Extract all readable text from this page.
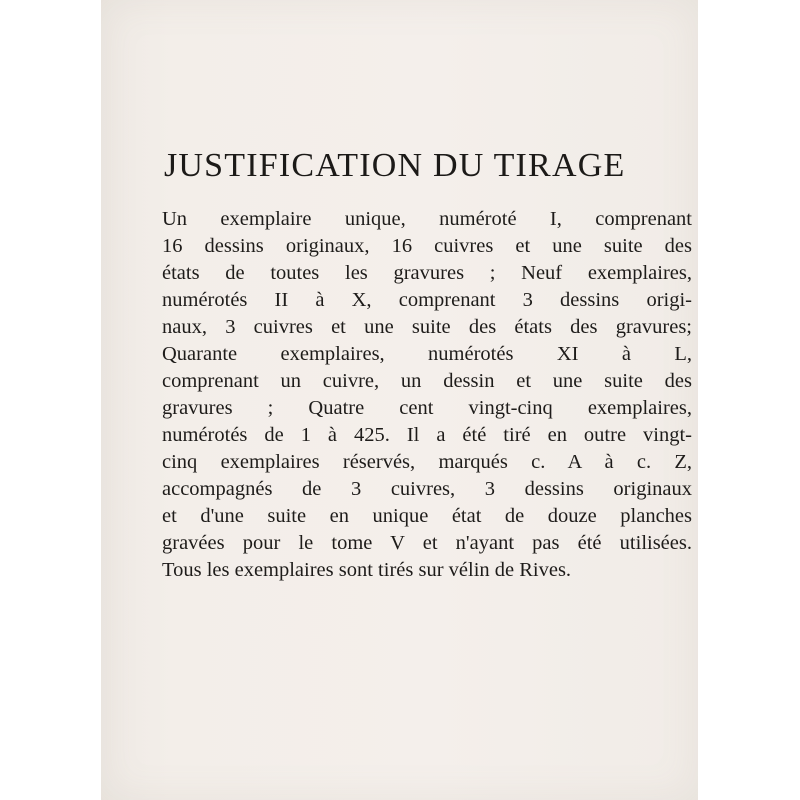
JUSTIFICATION DU TIRAGE
Un exemplaire unique, numéroté I, comprenant
16 dessins originaux, 16 cuivres et une suite des
états de toutes les gravures ; Neuf exemplaires,
numérotés II à X, comprenant 3 dessins origi-
naux, 3 cuivres et une suite des états des gravures;
Quarante exemplaires, numérotés XI à L,
comprenant un cuivre, un dessin et une suite des
gravures ; Quatre cent vingt-cinq exemplaires,
numérotés de 1 à 425. Il a été tiré en outre vingt-
cinq exemplaires réservés, marqués c. A à c. Z,
accompagnés de 3 cuivres, 3 dessins originaux
et d'une suite en unique état de douze planches
gravées pour le tome V et n'ayant pas été utilisées.
Tous les exemplaires sont tirés sur vélin de Rives.
